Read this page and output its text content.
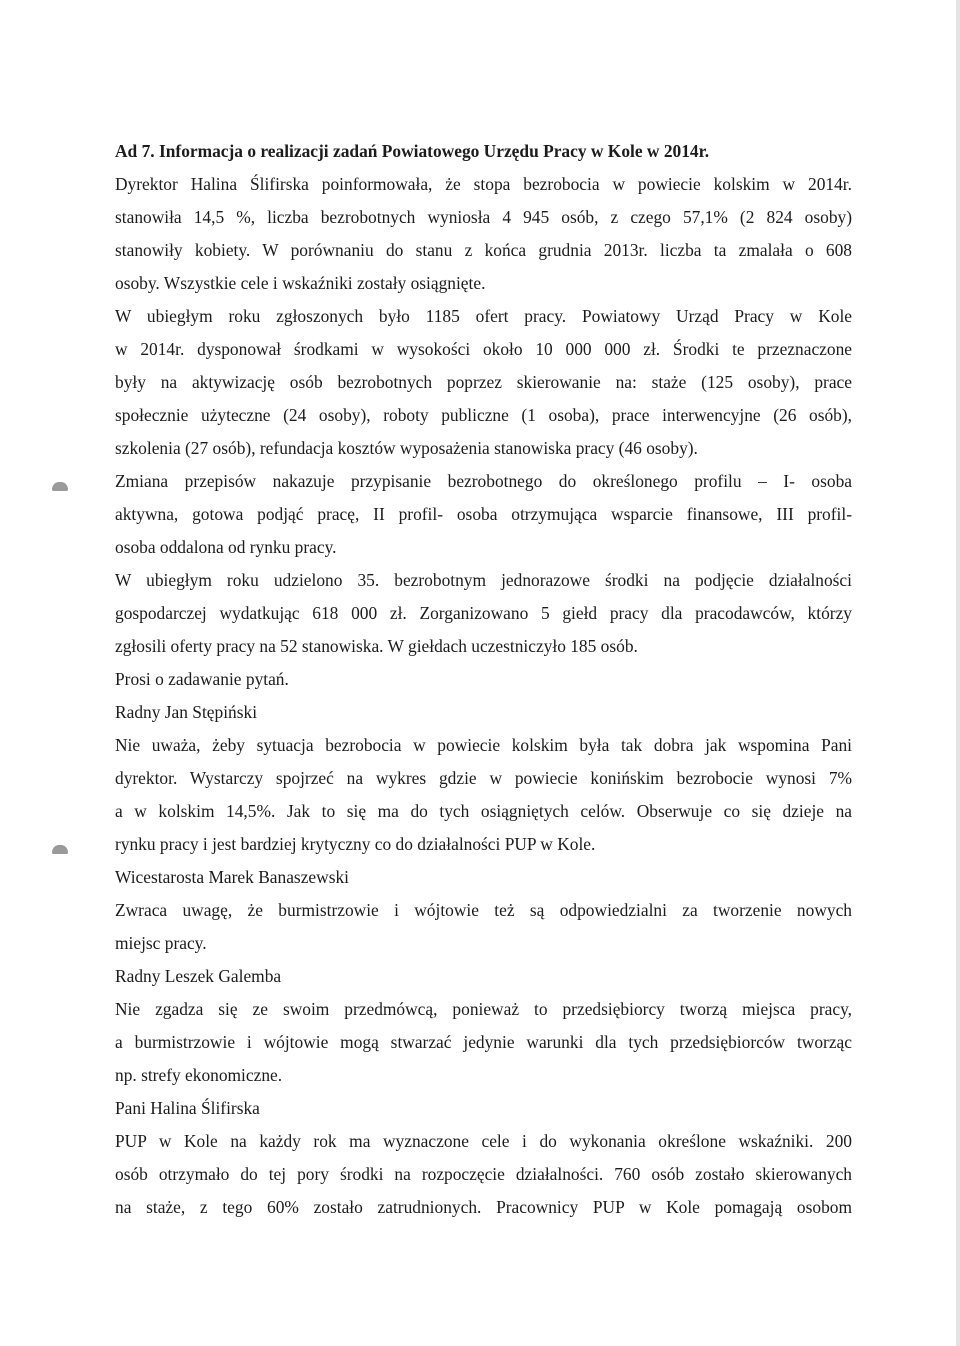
Ad 7. Informacja o realizacji zadań Powiatowego Urzędu Pracy w Kole w 2014r.
Dyrektor Halina Ślifirska poinformowała, że stopa bezrobocia w powiecie kolskim w 2014r.
stanowiła 14,5 %, liczba bezrobotnych wyniosła 4 945 osób, z czego 57,1% (2 824 osoby)
stanowiły kobiety. W porównaniu do stanu z końca grudnia 2013r. liczba ta zmalała o 608
osoby. Wszystkie cele i wskaźniki zostały osiągnięte.
W ubiegłym roku zgłoszonych było 1185 ofert pracy. Powiatowy Urząd Pracy w Kole
w 2014r. dysponował środkami w wysokości około 10 000 000 zł. Środki te przeznaczone
były na aktywizację osób bezrobotnych poprzez skierowanie na: staże (125 osoby), prace
społecznie użyteczne (24 osoby), roboty publiczne (1 osoba), prace interwencyjne (26 osób),
szkolenia (27 osób), refundacja kosztów wyposażenia stanowiska pracy (46 osoby).
Zmiana przepisów nakazuje przypisanie bezrobotnego do określonego profilu – I- osoba
aktywna, gotowa podjąć pracę, II profil- osoba otrzymująca wsparcie finansowe, III profil-
osoba oddalona od rynku pracy.
W ubiegłym roku udzielono 35. bezrobotnym jednorazowe środki na podjęcie działalności
gospodarczej wydatkując 618 000 zł. Zorganizowano 5 giełd pracy dla pracodawców, którzy
zgłosili oferty pracy na 52 stanowiska. W giełdach uczestniczyło 185 osób.
Prosi o zadawanie pytań.
Radny Jan Stępiński
Nie uważa, żeby sytuacja bezrobocia w powiecie kolskim była tak dobra jak wspomina Pani
dyrektor. Wystarczy spojrzeć na wykres gdzie w powiecie konińskim bezrobocie wynosi 7%
a w kolskim 14,5%. Jak to się ma do tych osiągniętych celów. Obserwuje co się dzieje na
rynku pracy i jest bardziej krytyczny co do działalności PUP w Kole.
Wicestarosta Marek Banaszewski
Zwraca uwagę, że burmistrzowie i wójtowie też są odpowiedzialni za tworzenie nowych
miejsc pracy.
Radny Leszek Galemba
Nie zgadza się ze swoim przedmówcą, ponieważ to przedsiębiorcy tworzą miejsca pracy,
a burmistrzowie i wójtowie mogą stwarzać jedynie warunki dla tych przedsiębiorców tworząc
np. strefy ekonomiczne.
Pani Halina Ślifirska
PUP w Kole na każdy rok ma wyznaczone cele i do wykonania określone wskaźniki. 200
osób otrzymało do tej pory środki na rozpoczęcie działalności. 760 osób zostało skierowanych
na staże, z tego 60% zostało zatrudnionych. Pracownicy PUP w Kole pomagają osobom
